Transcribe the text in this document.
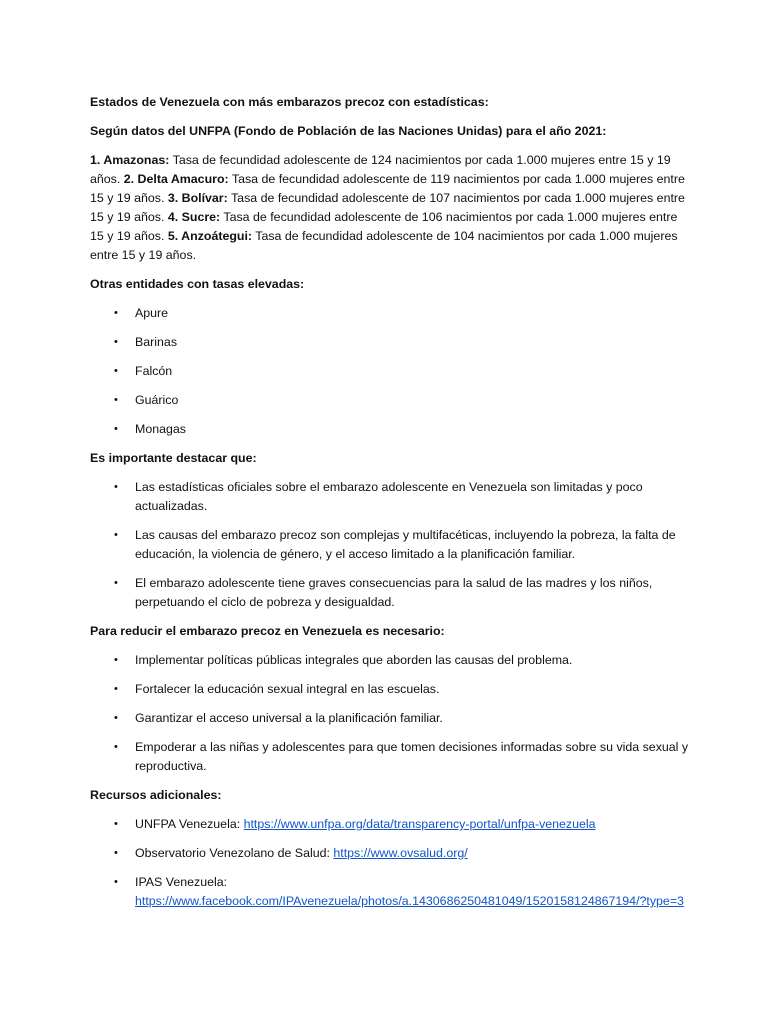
Estados de Venezuela con más embarazos precoz con estadísticas:

Según datos del UNFPA (Fondo de Población de las Naciones Unidas) para el año 2021:

1. Amazonas: Tasa de fecundidad adolescente de 124 nacimientos por cada 1.000 mujeres entre 15 y 19 años. 2. Delta Amacuro: Tasa de fecundidad adolescente de 119 nacimientos por cada 1.000 mujeres entre 15 y 19 años. 3. Bolívar: Tasa de fecundidad adolescente de 107 nacimientos por cada 1.000 mujeres entre 15 y 19 años. 4. Sucre: Tasa de fecundidad adolescente de 106 nacimientos por cada 1.000 mujeres entre 15 y 19 años. 5. Anzoátegui: Tasa de fecundidad adolescente de 104 nacimientos por cada 1.000 mujeres entre 15 y 19 años.

Otras entidades con tasas elevadas:

• Apure
• Barinas
• Falcón
• Guárico
• Monagas

Es importante destacar que:

• Las estadísticas oficiales sobre el embarazo adolescente en Venezuela son limitadas y poco actualizadas.
• Las causas del embarazo precoz son complejas y multifacéticas, incluyendo la pobreza, la falta de educación, la violencia de género, y el acceso limitado a la planificación familiar.
• El embarazo adolescente tiene graves consecuencias para la salud de las madres y los niños, perpetuando el ciclo de pobreza y desigualdad.

Para reducir el embarazo precoz en Venezuela es necesario:

• Implementar políticas públicas integrales que aborden las causas del problema.
• Fortalecer la educación sexual integral en las escuelas.
• Garantizar el acceso universal a la planificación familiar.
• Empoderar a las niñas y adolescentes para que tomen decisiones informadas sobre su vida sexual y reproductiva.

Recursos adicionales:

• UNFPA Venezuela: https://www.unfpa.org/data/transparency-portal/unfpa-venezuela
• Observatorio Venezolano de Salud: https://www.ovsalud.org/
• IPAS Venezuela:
https://www.facebook.com/IPAvenezuela/photos/a.1430686250481049/1520158124867194/?type=3
